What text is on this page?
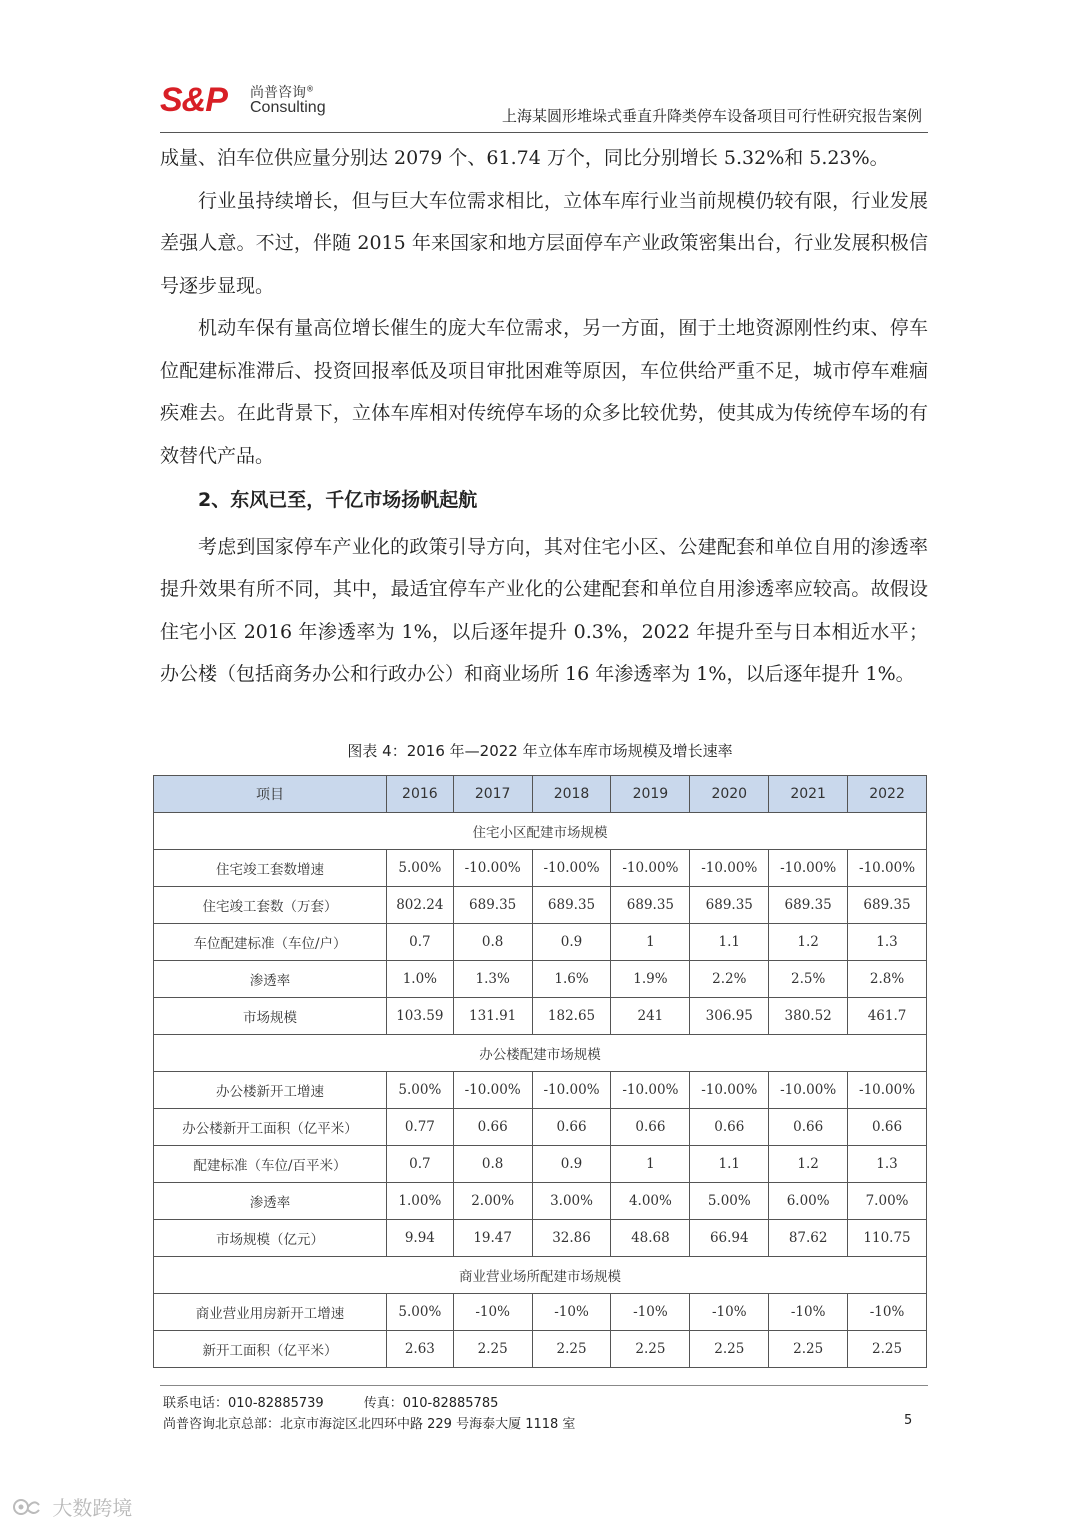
S&P 尚普咨询®
Consulting	上海某圆形堆垛式垂直升降类停车设备项目可行性研究报告案例

成量、泊车位供应量分别达 2079 个、61.74 万个，同比分别增长 5.32%和 5.23%。

行业虽持续增长，但与巨大车位需求相比，立体车库行业当前规模仍较有限，行业发展差强人意。不过，伴随 2015 年来国家和地方层面停车产业政策密集出台，行业发展积极信号逐步显现。

机动车保有量高位增长催生的庞大车位需求，另一方面，囿于土地资源刚性约束、停车位配建标准滞后、投资回报率低及项目审批困难等原因，车位供给严重不足，城市停车难痼疾难去。在此背景下，立体车库相对传统停车场的众多比较优势，使其成为传统停车场的有效替代产品。

2、东风已至，千亿市场扬帆起航

考虑到国家停车产业化的政策引导方向，其对住宅小区、公建配套和单位自用的渗透率提升效果有所不同，其中，最适宜停车产业化的公建配套和单位自用渗透率应较高。故假设住宅小区 2016 年渗透率为 1%，以后逐年提升 0.3%，2022 年提升至与日本相近水平；办公楼（包括商务办公和行政办公）和商业场所 16 年渗透率为 1%，以后逐年提升 1%。

图表 4：2016 年—2022 年立体车库市场规模及增长速率
项目	2016	2017	2018	2019	2020	2021	2022
住宅小区配建市场规模							
住宅竣工套数增速	5.00%	-10.00%	-10.00%	-10.00%	-10.00%	-10.00%	-10.00%
住宅竣工套数（万套）	802.24	689.35	689.35	689.35	689.35	689.35	689.35
车位配建标准（车位/户）	0.7	0.8	0.9	1	1.1	1.2	1.3
渗透率	1.0%	1.3%	1.6%	1.9%	2.2%	2.5%	2.8%
市场规模	103.59	131.91	182.65	241	306.95	380.52	461.7
办公楼配建市场规模							
办公楼新开工增速	5.00%	-10.00%	-10.00%	-10.00%	-10.00%	-10.00%	-10.00%
办公楼新开工面积（亿平米）	0.77	0.66	0.66	0.66	0.66	0.66	0.66
配建标准（车位/百平米）	0.7	0.8	0.9	1	1.1	1.2	1.3
渗透率	1.00%	2.00%	3.00%	4.00%	5.00%	6.00%	7.00%
市场规模（亿元）	9.94	19.47	32.86	48.68	66.94	87.62	110.75
商业营业场所配建市场规模							
商业营业用房新开工增速	5.00%	-10%	-10%	-10%	-10%	-10%	-10%
新开工面积（亿平米）	2.63	2.25	2.25	2.25	2.25	2.25	2.25
联系电话：010-82885739	传真：010-82885785
尚普咨询北京总部：北京市海淀区北四环中路 229 号海泰大厦 1118 室	5
大数跨境
